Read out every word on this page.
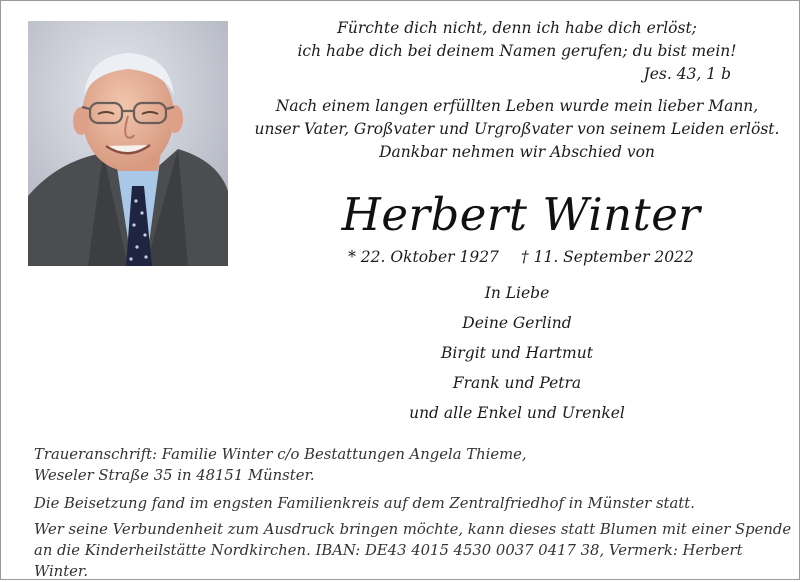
Fürchte dich nicht, denn ich habe dich erlöst;
ich habe dich bei deinem Namen gerufen; du bist mein!
Jes. 43, 1 b
Nach einem langen erfüllten Leben wurde mein lieber Mann,
unser Vater, Großvater und Urgroßvater von seinem Leiden erlöst.
Dankbar nehmen wir Abschied von
Herbert Winter
* 22. Oktober 1927 † 11. September 2022
In Liebe
Deine Gerlind
Birgit und Hartmut
Frank und Petra
und alle Enkel und Urenkel

Traueranschrift: Familie Winter c/o Bestattungen Angela Thieme,
Weseler Straße 35 in 48151 Münster.

Die Beisetzung fand im engsten Familienkreis auf dem Zentralfriedhof in Münster statt.

Wer seine Verbundenheit zum Ausdruck bringen möchte, kann dieses statt Blumen mit einer Spende
an die Kinderheilstätte Nordkirchen. IBAN: DE43 4015 4530 0037 0417 38, Vermerk: Herbert Winter.
